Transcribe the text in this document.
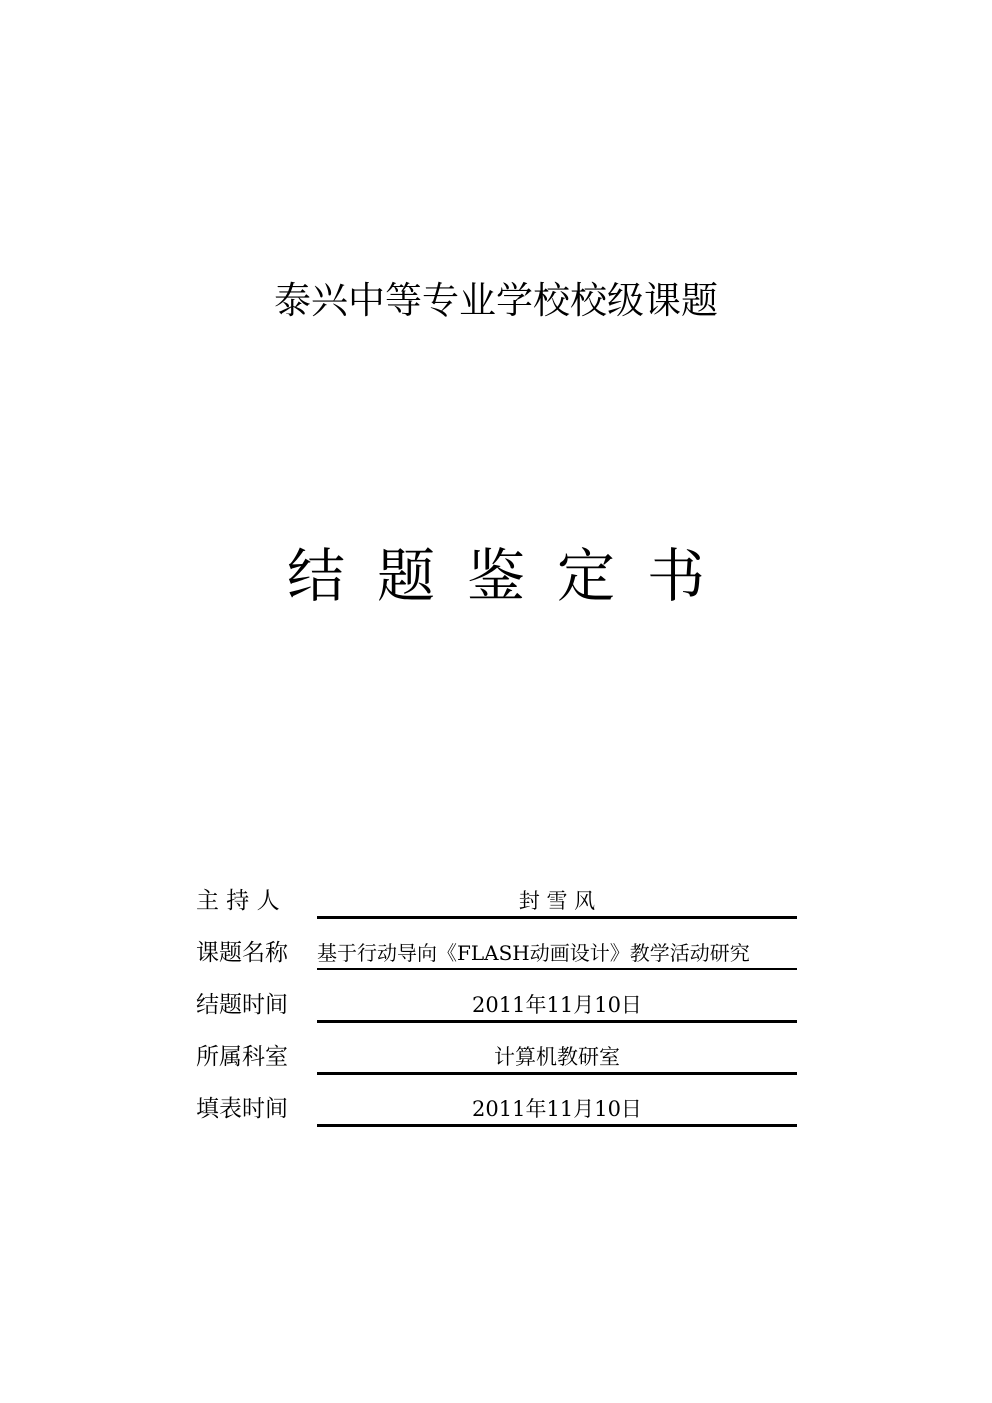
泰兴中等专业学校校级课题
结题鉴定书
主 持 人	封 雪 风
课题名称	基于行动导向《FLASH动画设计》教学活动研究
结题时间	2011年11月10日
所属科室	计算机教研室
填表时间	2011年11月10日
